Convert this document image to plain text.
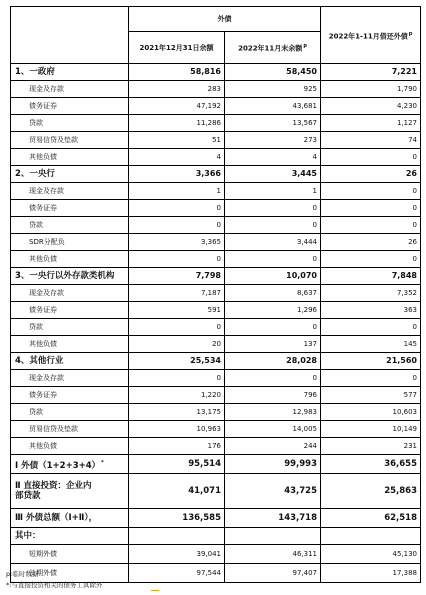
	外债		2022年1-11月借还外债$^p$
	2021年12月31日余额	2022年11月末余额$^p$
1、一政府	58,816	58,450	7,221
现金及存款	283	925	1,790
债务证券	47,192	43,681	4,230
贷款	11,286	13,567	1,127
贸易信贷及垫款	51	273	74
其他负债	4	4	0
2、一央行	3,366	3,445	26
现金及存款	1	1	0
债务证券	0	0	0
贷款	0	0	0
SDR分配负	3,365	3,444	26
其他负债	0	0	0
3、一央行以外存款类机构	7,798	10,070	7,848
现金及存款	7,187	8,637	7,352
债务证券	591	1,296	363
贷款	0	0	0
其他负债	20	137	145
4、其他行业	25,534	28,028	21,560
现金及存款	0	0	0
债务证券	1,220	796	577
贷款	13,175	12,983	10,603
贸易信贷及垫款	10,963	14,005	10,149
其他负债	176	244	231
Ⅰ 外债（1+2+3+4）*	95,514	99,993	36,655

Ⅱ 直接投资：企业内
部贷款	41,071	43,725	25,863
Ⅲ 外债总额（Ⅰ+Ⅱ），	136,585	143,718	62,518
其中：			
短期外债	39,041	46,311	45,130
长期外债	97,544	97,407	17,388
p:临时数据
*:与直接投资相关的债务工具除外
